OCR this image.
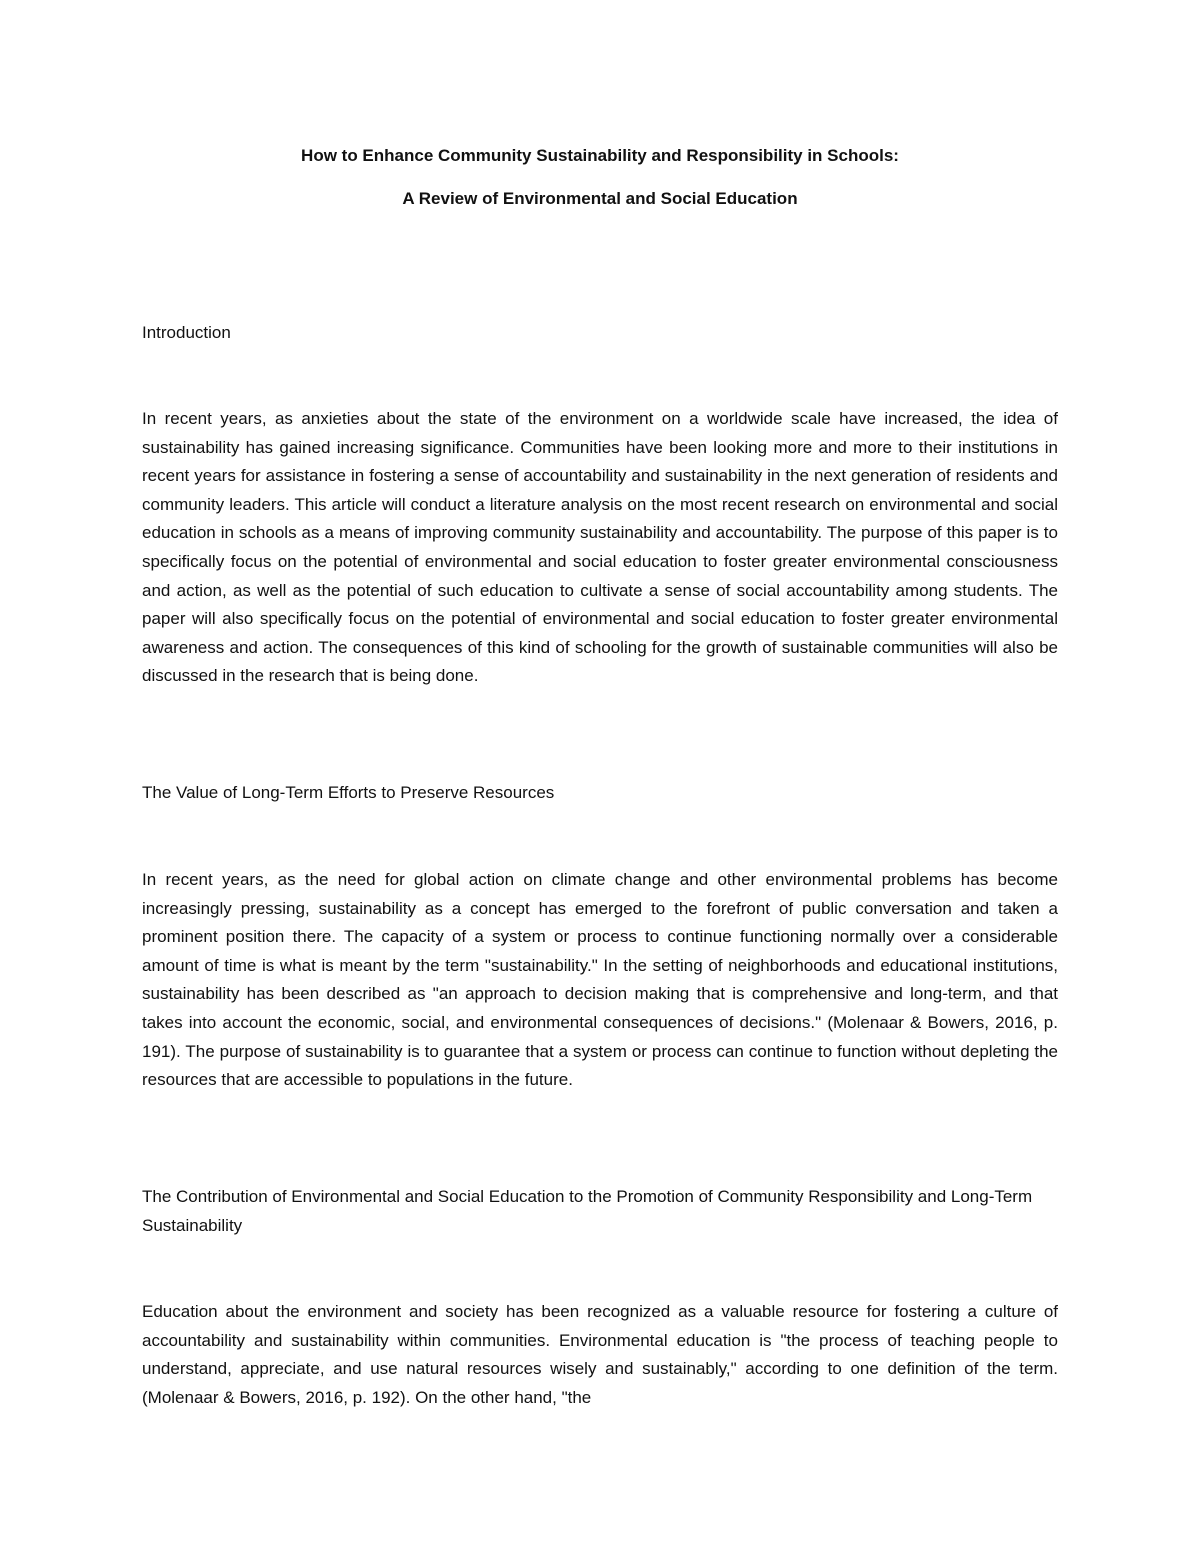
How to Enhance Community Sustainability and Responsibility in Schools:
A Review of Environmental and Social Education
Introduction

In recent years, as anxieties about the state of the environment on a worldwide scale have increased, the idea of sustainability has gained increasing significance. Communities have been looking more and more to their institutions in recent years for assistance in fostering a sense of accountability and sustainability in the next generation of residents and community leaders. This article will conduct a literature analysis on the most recent research on environmental and social education in schools as a means of improving community sustainability and accountability. The purpose of this paper is to specifically focus on the potential of environmental and social education to foster greater environmental consciousness and action, as well as the potential of such education to cultivate a sense of social accountability among students. The paper will also specifically focus on the potential of environmental and social education to foster greater environmental awareness and action. The consequences of this kind of schooling for the growth of sustainable communities will also be discussed in the research that is being done.

The Value of Long-Term Efforts to Preserve Resources

In recent years, as the need for global action on climate change and other environmental problems has become increasingly pressing, sustainability as a concept has emerged to the forefront of public conversation and taken a prominent position there. The capacity of a system or process to continue functioning normally over a considerable amount of time is what is meant by the term "sustainability." In the setting of neighborhoods and educational institutions, sustainability has been described as "an approach to decision making that is comprehensive and long-term, and that takes into account the economic, social, and environmental consequences of decisions." (Molenaar & Bowers, 2016, p. 191). The purpose of sustainability is to guarantee that a system or process can continue to function without depleting the resources that are accessible to populations in the future.

The Contribution of Environmental and Social Education to the Promotion of Community Responsibility and Long-Term Sustainability

Education about the environment and society has been recognized as a valuable resource for fostering a culture of accountability and sustainability within communities. Environmental education is "the process of teaching people to understand, appreciate, and use natural resources wisely and sustainably," according to one definition of the term. (Molenaar & Bowers, 2016, p. 192). On the other hand, "the
